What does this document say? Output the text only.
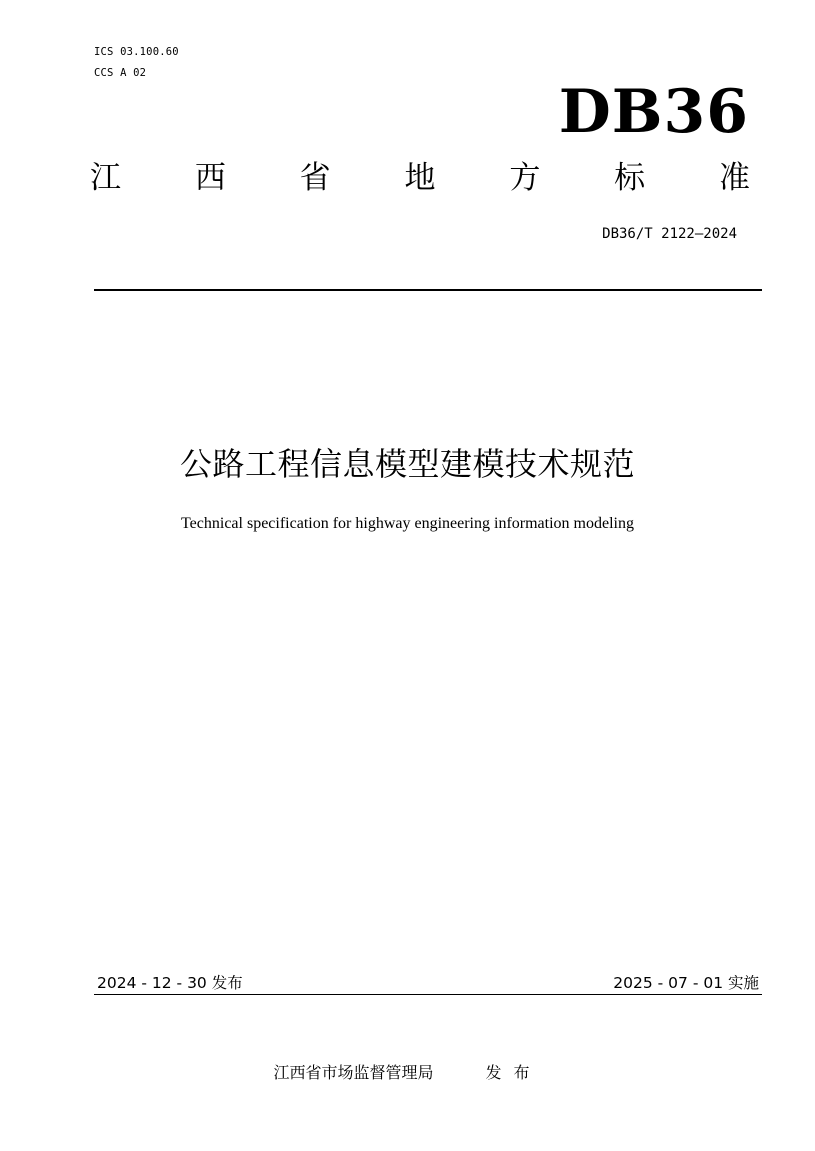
ICS 03.100.60
CCS A 02
DB36
江 西 省 地 方 标 准
DB36/T 2122—2024
公路工程信息模型建模技术规范
Technical specification for highway engineering information modeling
2024 - 12 - 30 发布	2025 - 07 - 01 实施
江西省市场监督管理局	发布
